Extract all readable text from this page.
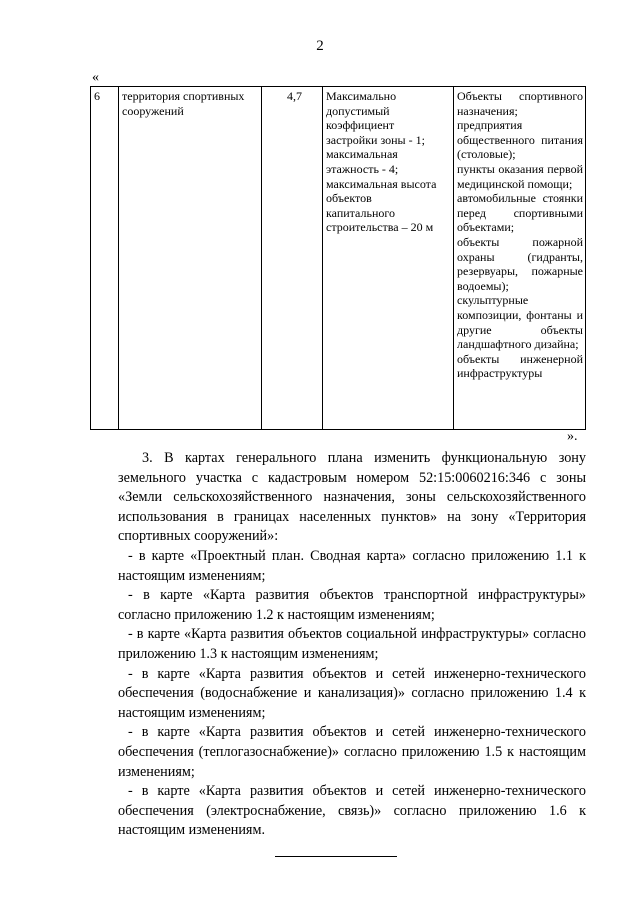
2
«
6	территория спортивных сооружений
4,7	Максимально
допустимый
коэффициент
застройки зоны - 1;
максимальная
этажность - 4;
максимальная высота
объектов
капитального
строительства – 20 м
Объекты спортивного назначения;
предприятия общественного питания (столовые);
пункты оказания первой медицинской помощи;
автомобильные стоянки перед спортивными объектами;
объекты пожарной охраны (гидранты, резервуары, пожарные водоемы);
скульптурные композиции, фонтаны и другие объекты ландшафтного дизайна;
объекты инженерной инфраструктуры
».

3. В картах генерального плана изменить функциональную зону земельного участка с кадастровым номером 52:15:0060216:346 с зоны «Земли сельскохозяйственного назначения, зоны сельскохозяйственного использования в границах населенных пунктов» на зону «Территория спортивных сооружений»:

- в карте «Проектный план. Сводная карта» согласно приложению 1.1 к настоящим изменениям;

- в карте «Карта развития объектов транспортной инфраструктуры» согласно приложению 1.2 к настоящим изменениям;

- в карте «Карта развития объектов социальной инфраструктуры» согласно приложению 1.3 к настоящим изменениям;

- в карте «Карта развития объектов и сетей инженерно-технического обеспечения (водоснабжение и канализация)» согласно приложению 1.4 к настоящим изменениям;

- в карте «Карта развития объектов и сетей инженерно-технического обеспечения (теплогазоснабжение)» согласно приложению 1.5 к настоящим изменениям;

- в карте «Карта развития объектов и сетей инженерно-технического обеспечения (электроснабжение, связь)» согласно приложению 1.6 к настоящим изменениям.
